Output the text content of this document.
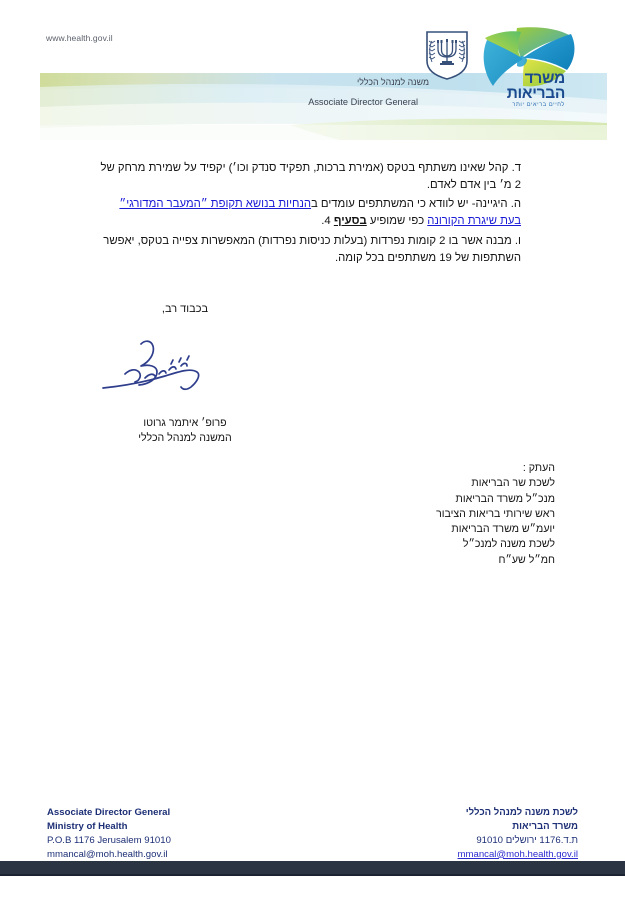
www.health.gov.il
משרד
הבריאות
לחיים בריאים יותר
משנה למנהל הכללי
Associate Director General

ד. קהל שאינו משתתף בטקס (אמירת ברכות, תפקיד סנדק וכו׳) יקפיד על שמירת מרחק של 2 מ׳ בין אדם לאדם.

ה. היגיינה- יש לוודא כי המשתתפים עומדים בהנחיות בנושא תקופת ״המעבר המדורגי״ בעת שיגרת הקורונה כפי שמופיע בסעיף 4.

ו. מבנה אשר בו 2 קומות נפרדות (בעלות כניסות נפרדות) המאפשרות צפייה בטקס, יאפשר השתתפות של 19 משתתפים בכל קומה.

בכבוד רב,
פרופ׳ איתמר גרוטו
המשנה למנהל הכללי
העתק :
לשכת שר הבריאות
מנכ״ל משרד הבריאות
ראש שירותי בריאות הציבור
יועמ״ש משרד הבריאות
לשכת משנה למנכ״ל
חמ״ל שע״ח
Associate Director General
Ministry of Health
P.O.B 1176 Jerusalem 91010
mmancal@moh.health.gov.il
לשכת משנה למנהל הכללי
משרד הבריאות
ת.ד.1176 ירושלים 91010
mmancal@moh.health.gov.il
